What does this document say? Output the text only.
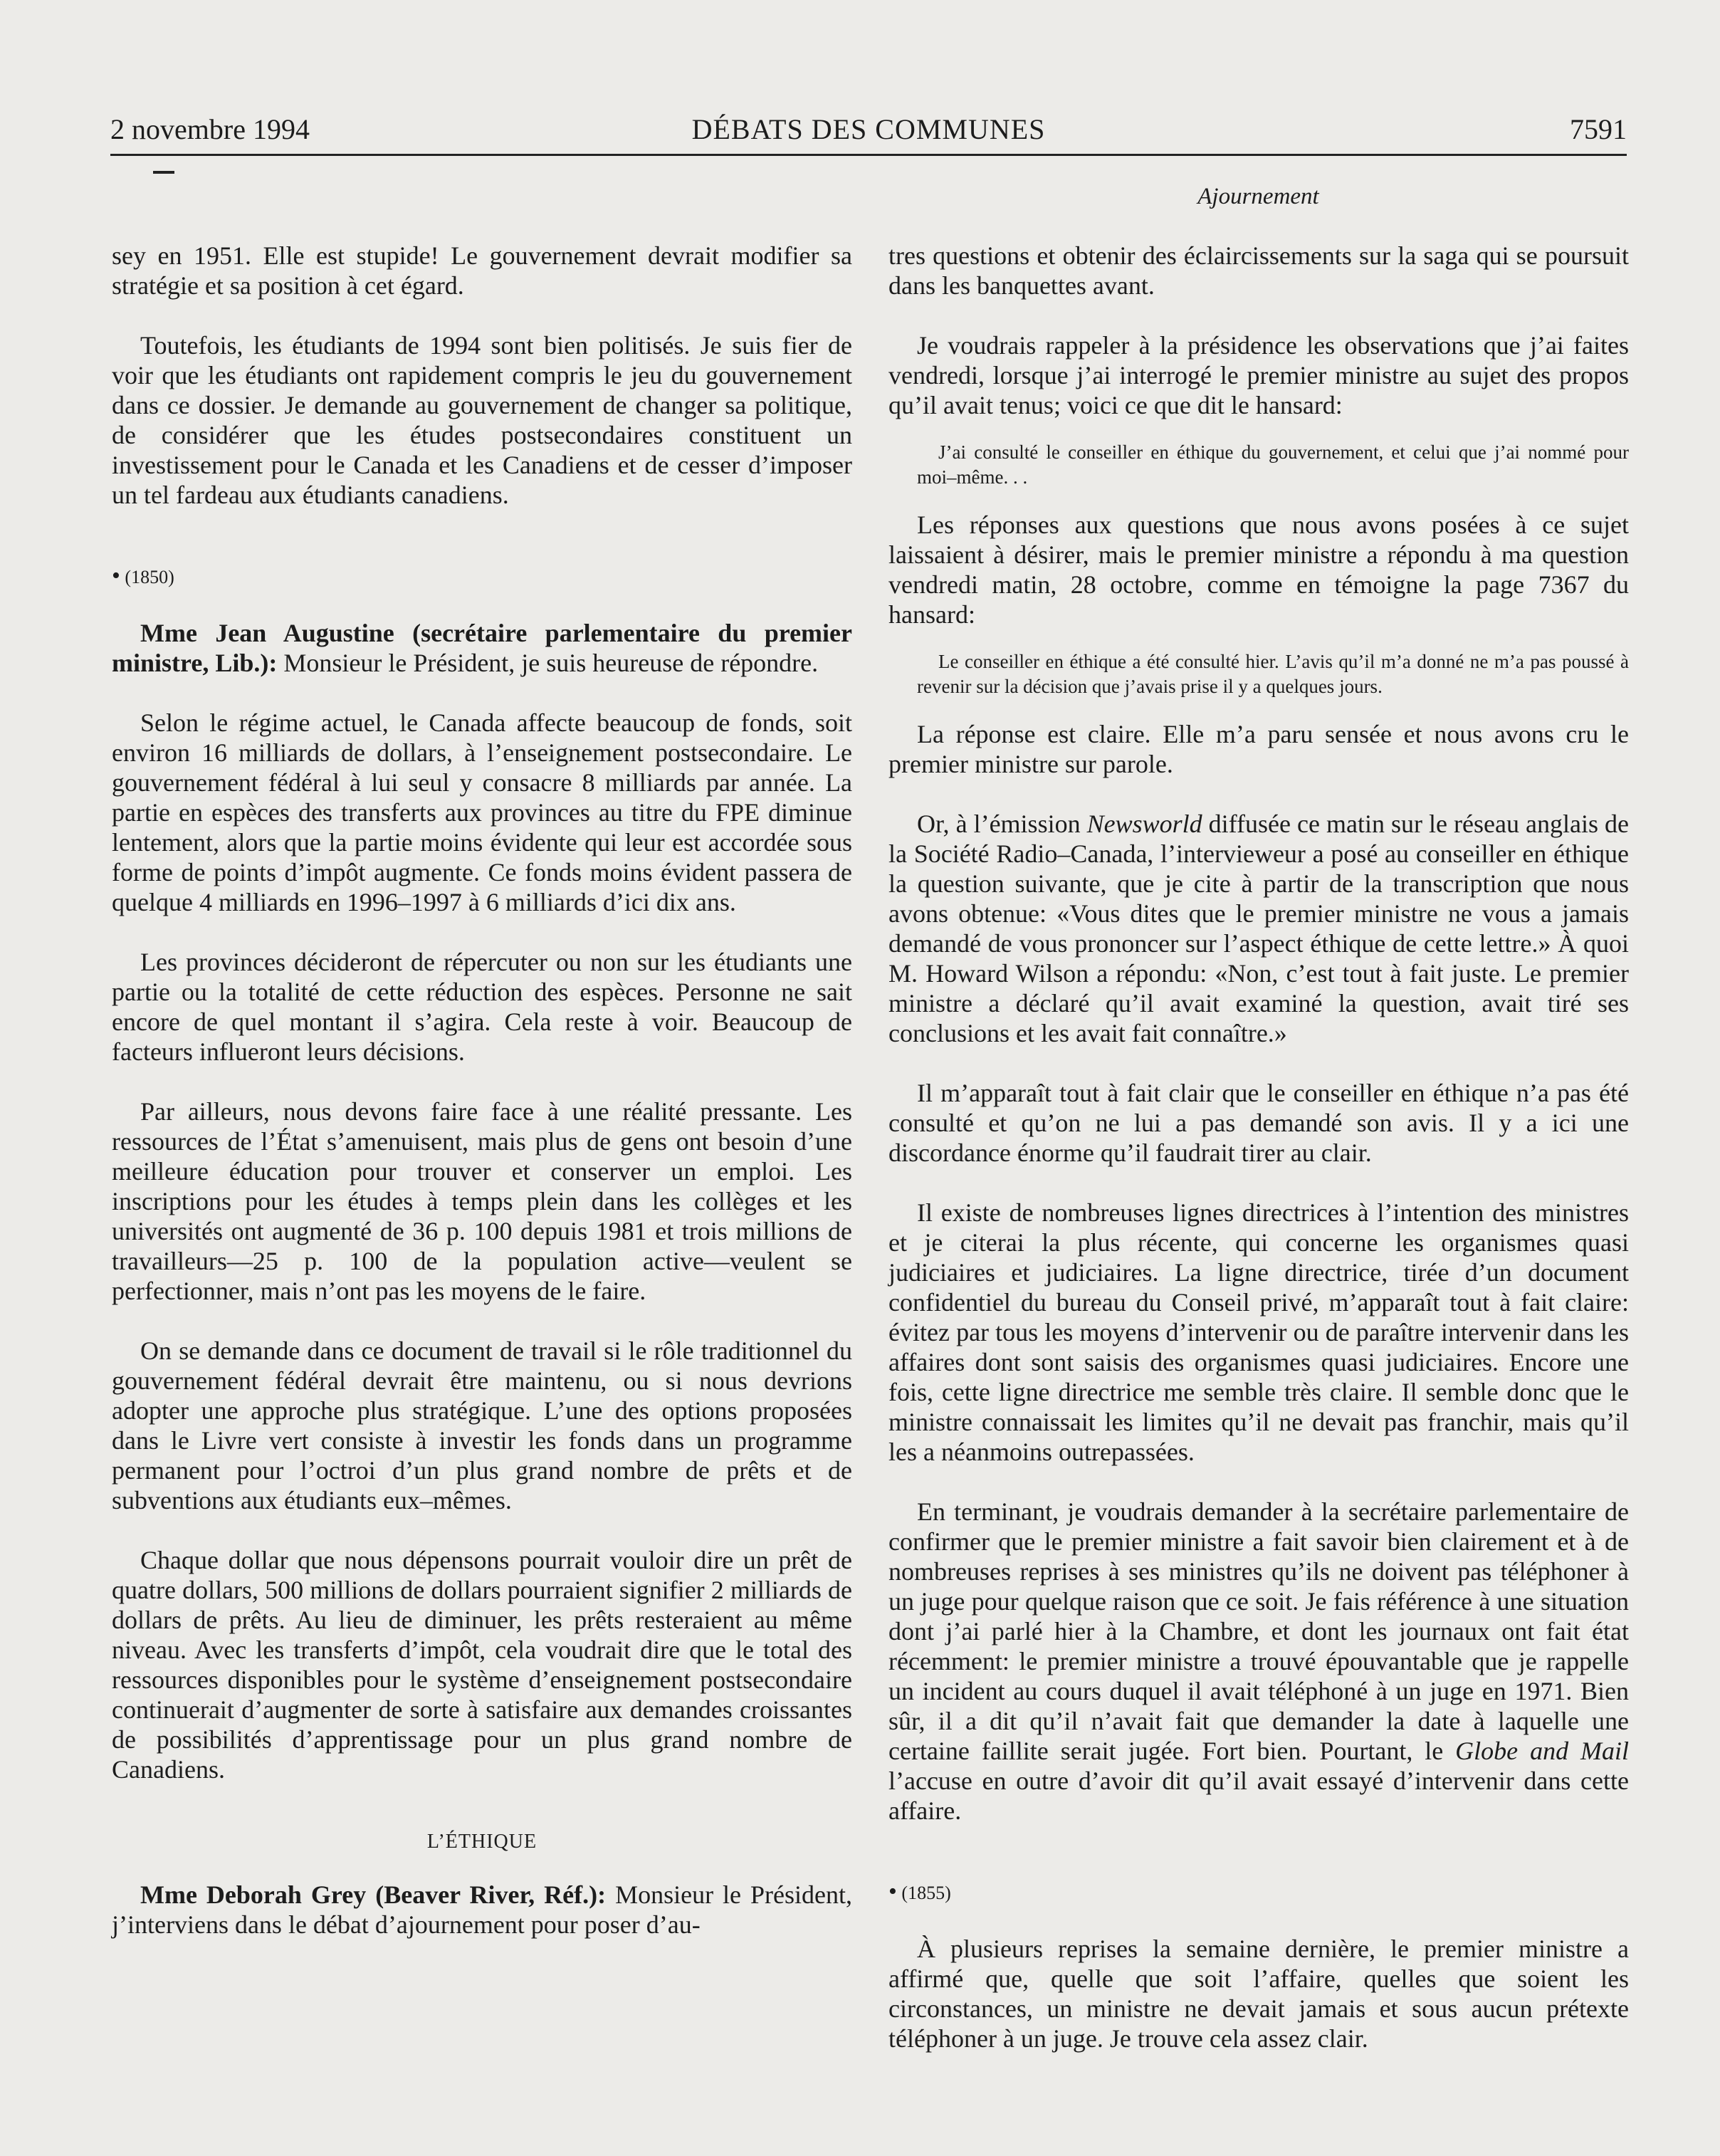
2 novembre 1994	DÉBATS DES COMMUNES	7591
Ajournement

sey en 1951. Elle est stupide! Le gouvernement devrait modifier sa stratégie et sa position à cet égard.

Toutefois, les étudiants de 1994 sont bien politisés. Je suis fier de voir que les étudiants ont rapidement compris le jeu du gouvernement dans ce dossier. Je demande au gouvernement de changer sa politique, de considérer que les études postsecondaires constituent un investissement pour le Canada et les Canadiens et de cesser d’imposer un tel fardeau aux étudiants canadiens.

• (1850)

Mme Jean Augustine (secrétaire parlementaire du premier ministre, Lib.): Monsieur le Président, je suis heureuse de répondre.

Selon le régime actuel, le Canada affecte beaucoup de fonds, soit environ 16 milliards de dollars, à l’enseignement postsecondaire. Le gouvernement fédéral à lui seul y consacre 8 milliards par année. La partie en espèces des transferts aux provinces au titre du FPE diminue lentement, alors que la partie moins évidente qui leur est accordée sous forme de points d’impôt augmente. Ce fonds moins évident passera de quelque 4 milliards en 1996–1997 à 6 milliards d’ici dix ans.

Les provinces décideront de répercuter ou non sur les étudiants une partie ou la totalité de cette réduction des espèces. Personne ne sait encore de quel montant il s’agira. Cela reste à voir. Beaucoup de facteurs influeront leurs décisions.

Par ailleurs, nous devons faire face à une réalité pressante. Les ressources de l’État s’amenuisent, mais plus de gens ont besoin d’une meilleure éducation pour trouver et conserver un emploi. Les inscriptions pour les études à temps plein dans les collèges et les universités ont augmenté de 36 p. 100 depuis 1981 et trois millions de travailleurs—25 p. 100 de la population active—veulent se perfectionner, mais n’ont pas les moyens de le faire.

On se demande dans ce document de travail si le rôle traditionnel du gouvernement fédéral devrait être maintenu, ou si nous devrions adopter une approche plus stratégique. L’une des options proposées dans le Livre vert consiste à investir les fonds dans un programme permanent pour l’octroi d’un plus grand nombre de prêts et de subventions aux étudiants eux–mêmes.

Chaque dollar que nous dépensons pourrait vouloir dire un prêt de quatre dollars, 500 millions de dollars pourraient signifier 2 milliards de dollars de prêts. Au lieu de diminuer, les prêts resteraient au même niveau. Avec les transferts d’impôt, cela voudrait dire que le total des ressources disponibles pour le système d’enseignement postsecondaire continuerait d’augmenter de sorte à satisfaire aux demandes croissantes de possibilités d’apprentissage pour un plus grand nombre de Canadiens.

L’ÉTHIQUE

Mme Deborah Grey (Beaver River, Réf.): Monsieur le Président, j’interviens dans le débat d’ajournement pour poser d’au-

tres questions et obtenir des éclaircissements sur la saga qui se poursuit dans les banquettes avant.

Je voudrais rappeler à la présidence les observations que j’ai faites vendredi, lorsque j’ai interrogé le premier ministre au sujet des propos qu’il avait tenus; voici ce que dit le hansard:

J’ai consulté le conseiller en éthique du gouvernement, et celui que j’ai nommé pour moi–même. . .

Les réponses aux questions que nous avons posées à ce sujet laissaient à désirer, mais le premier ministre a répondu à ma question vendredi matin, 28 octobre, comme en témoigne la page 7367 du hansard:

Le conseiller en éthique a été consulté hier. L’avis qu’il m’a donné ne m’a pas poussé à revenir sur la décision que j’avais prise il y a quelques jours.

La réponse est claire. Elle m’a paru sensée et nous avons cru le premier ministre sur parole.

Or, à l’émission Newsworld diffusée ce matin sur le réseau anglais de la Société Radio–Canada, l’intervieweur a posé au conseiller en éthique la question suivante, que je cite à partir de la transcription que nous avons obtenue: «Vous dites que le premier ministre ne vous a jamais demandé de vous prononcer sur l’aspect éthique de cette lettre.» À quoi M. Howard Wilson a répondu: «Non, c’est tout à fait juste. Le premier ministre a déclaré qu’il avait examiné la question, avait tiré ses conclusions et les avait fait connaître.»

Il m’apparaît tout à fait clair que le conseiller en éthique n’a pas été consulté et qu’on ne lui a pas demandé son avis. Il y a ici une discordance énorme qu’il faudrait tirer au clair.

Il existe de nombreuses lignes directrices à l’intention des ministres et je citerai la plus récente, qui concerne les organismes quasi judiciaires et judiciaires. La ligne directrice, tirée d’un document confidentiel du bureau du Conseil privé, m’apparaît tout à fait claire: évitez par tous les moyens d’intervenir ou de paraître intervenir dans les affaires dont sont saisis des organismes quasi judiciaires. Encore une fois, cette ligne directrice me semble très claire. Il semble donc que le ministre connaissait les limites qu’il ne devait pas franchir, mais qu’il les a néanmoins outrepassées.

En terminant, je voudrais demander à la secrétaire parlementaire de confirmer que le premier ministre a fait savoir bien clairement et à de nombreuses reprises à ses ministres qu’ils ne doivent pas téléphoner à un juge pour quelque raison que ce soit. Je fais référence à une situation dont j’ai parlé hier à la Chambre, et dont les journaux ont fait état récemment: le premier ministre a trouvé épouvantable que je rappelle un incident au cours duquel il avait téléphoné à un juge en 1971. Bien sûr, il a dit qu’il n’avait fait que demander la date à laquelle une certaine faillite serait jugée. Fort bien. Pourtant, le Globe and Mail l’accuse en outre d’avoir dit qu’il avait essayé d’intervenir dans cette affaire.

• (1855)

À plusieurs reprises la semaine dernière, le premier ministre a affirmé que, quelle que soit l’affaire, quelles que soient les circonstances, un ministre ne devait jamais et sous aucun prétexte téléphoner à un juge. Je trouve cela assez clair.
